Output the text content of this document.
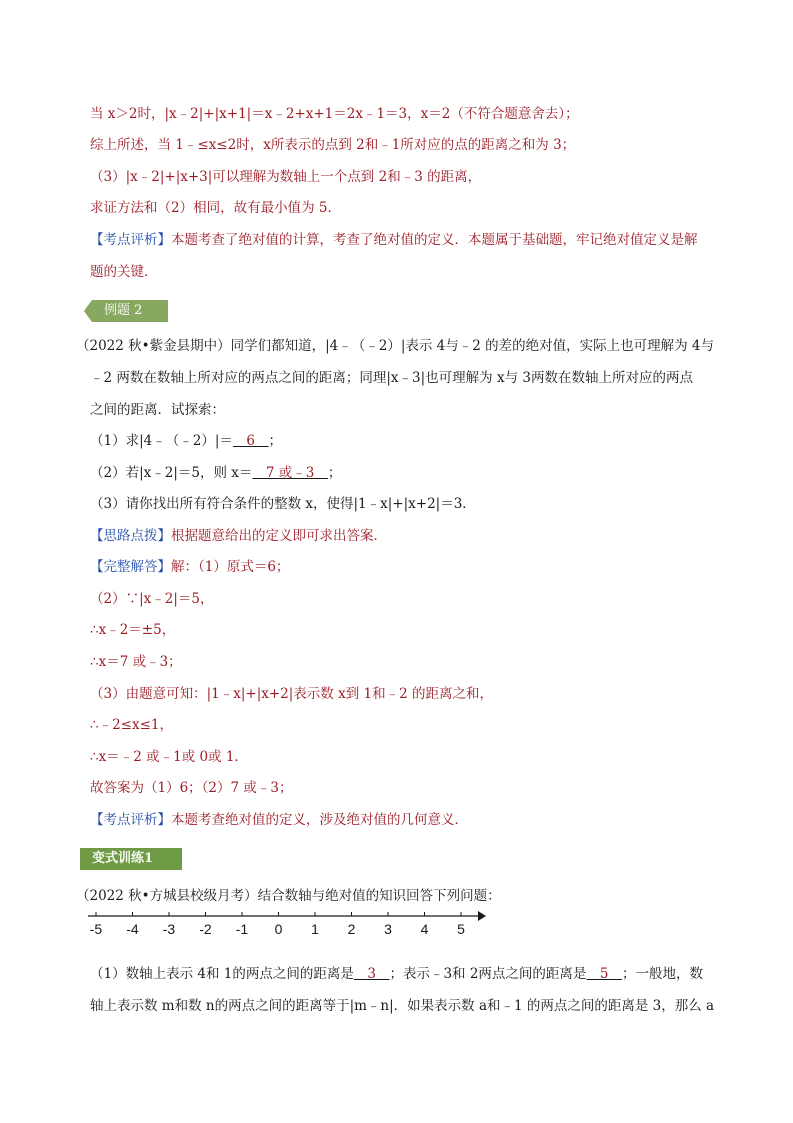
当 x＞2时，|x﹣2|+|x+1|＝x﹣2+x+1＝2x﹣1＝3，x＝2（不符合题意舍去）；
综上所述，当 1﹣≤x≤2时，x所表示的点到 2和﹣1所对应的点的距离之和为 3；
（3）|x﹣2|+|x+3|可以理解为数轴上一个点到 2和﹣3 的距离，
求证方法和（2）相同，故有最小值为 5．
【考点评析】本题考查了绝对值的计算，考查了绝对值的定义．本题属于基础题，牢记绝对值定义是解
题的关键．
例题 2
（2022 秋•紫金县期中）同学们都知道，|4﹣（﹣2）|表示 4与﹣2 的差的绝对值，实际上也可理解为 4与
﹣2 两数在数轴上所对应的两点之间的距离；同理|x﹣3|也可理解为 x与 3两数在数轴上所对应的两点
之间的距离．试探索：
（1）求|4﹣（﹣2）|＝　6　；
（2）若|x﹣2|＝5，则 x＝　7 或﹣3　；
（3）请你找出所有符合条件的整数 x，使得|1﹣x|+|x+2|＝3．
【思路点拨】根据题意给出的定义即可求出答案．
【完整解答】解：（1）原式＝6；
（2）∵|x﹣2|＝5，
∴x﹣2＝±5，
∴x＝7 或﹣3；
（3）由题意可知：|1﹣x|+|x+2|表示数 x到 1和﹣2 的距离之和，
∴﹣2≤x≤1，
∴x＝﹣2 或﹣1或 0或 1．
故答案为（1）6；（2）7 或﹣3；
【考点评析】本题考查绝对值的定义，涉及绝对值的几何意义．
变式训练1
（2022 秋•方城县校级月考）结合数轴与绝对值的知识回答下列问题：
-5 -4 -3 -2 -1 0 1 2 3 4 5
（1）数轴上表示 4和 1的两点之间的距离是　3　；表示﹣3和 2两点之间的距离是　5　；一般地，数
轴上表示数 m和数 n的两点之间的距离等于|m﹣n|．如果表示数 a和﹣1 的两点之间的距离是 3，那么 a
